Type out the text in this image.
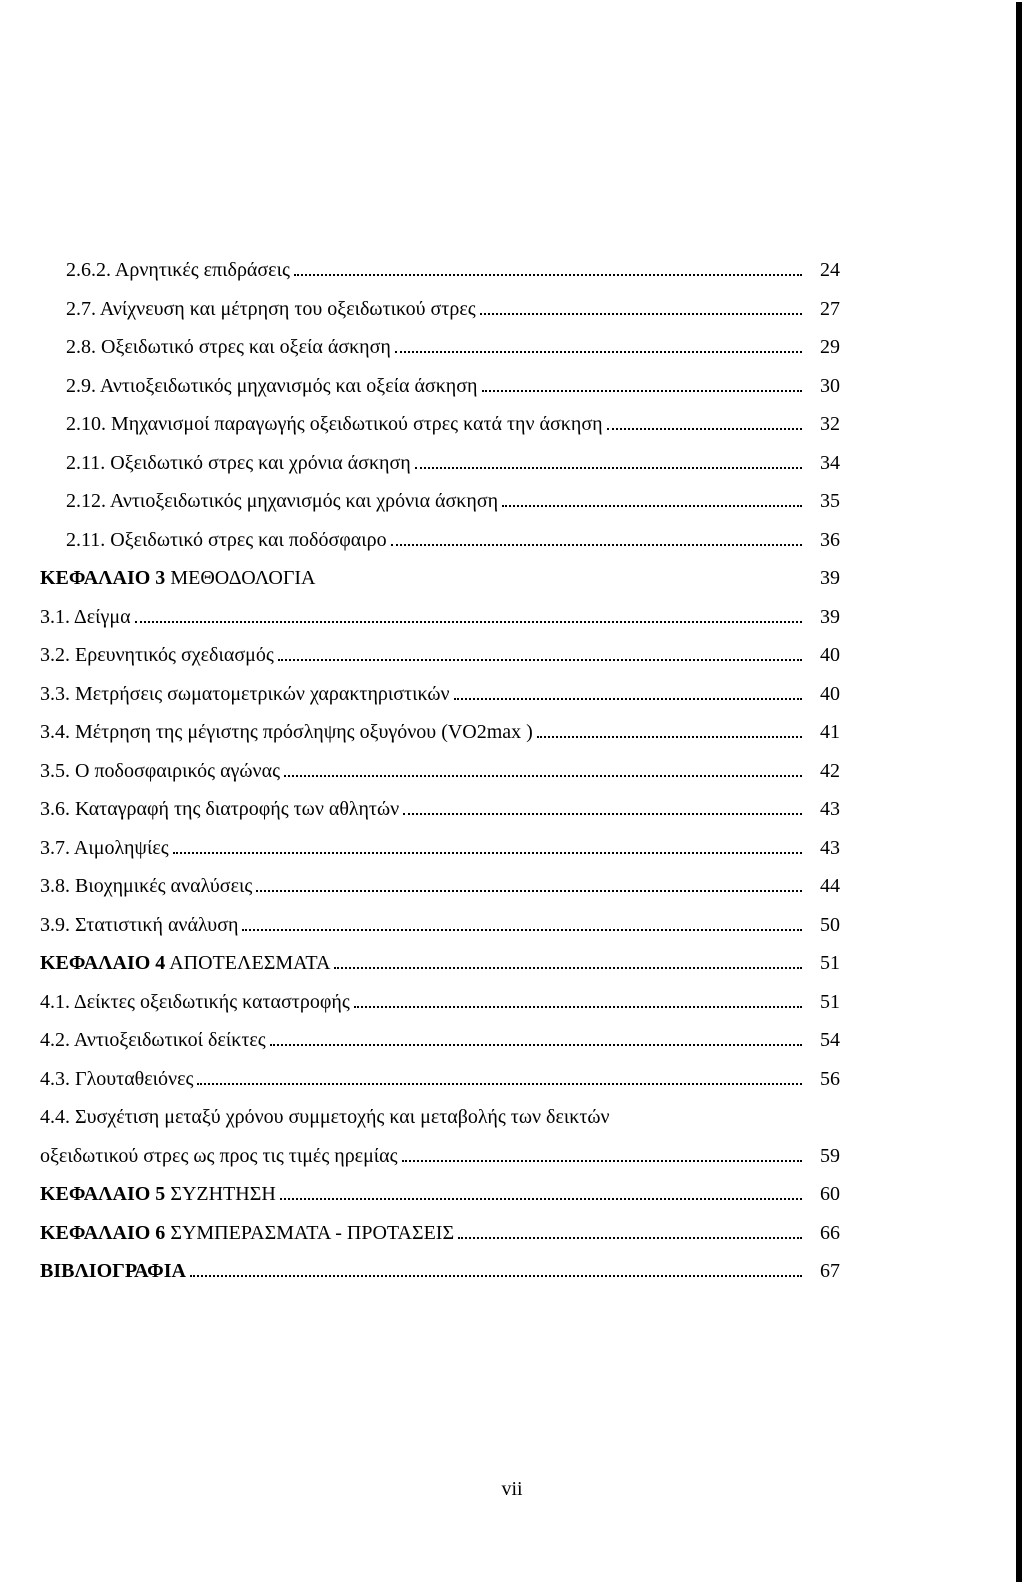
2.6.2. Αρνητικές επιδράσεις	24
2.7. Ανίχνευση και μέτρηση του οξειδωτικού στρες	27
2.8. Οξειδωτικό στρες και οξεία άσκηση	29
2.9. Αντιοξειδωτικός μηχανισμός και οξεία άσκηση	30
2.10. Μηχανισμοί παραγωγής οξειδωτικού στρες κατά την άσκηση	32
2.11. Οξειδωτικό στρες και χρόνια άσκηση	34
2.12. Αντιοξειδωτικός μηχανισμός και χρόνια άσκηση	35
2.11. Οξειδωτικό στρες και ποδόσφαιρο	36
ΚΕΦΑΛΑΙΟ 3 ΜΕΘΟΔΟΛΟΓΙΑ	39
3.1. Δείγμα	39
3.2. Ερευνητικός σχεδιασμός	40
3.3. Μετρήσεις σωματομετρικών χαρακτηριστικών	40
3.4. Μέτρηση της μέγιστης πρόσληψης οξυγόνου (VO2max )	41
3.5. Ο ποδοσφαιρικός αγώνας	42
3.6. Καταγραφή της διατροφής των αθλητών	43
3.7. Αιμοληψίες	43
3.8. Βιοχημικές αναλύσεις	44
3.9. Στατιστική ανάλυση	50
ΚΕΦΑΛΑΙΟ 4 ΑΠΟΤΕΛΕΣΜΑΤΑ	51
4.1. Δείκτες οξειδωτικής καταστροφής	51
4.2. Αντιοξειδωτικοί δείκτες	54
4.3. Γλουταθειόνες	56
4.4. Συσχέτιση μεταξύ χρόνου συμμετοχής και μεταβολής των δεικτών
οξειδωτικού στρες ως προς τις τιμές ηρεμίας	59
ΚΕΦΑΛΑΙΟ 5 ΣΥΖΗΤΗΣΗ	60
ΚΕΦΑΛΑΙΟ 6 ΣΥΜΠΕΡΑΣΜΑΤΑ - ΠΡΟΤΑΣΕΙΣ	66
ΒΙΒΛΙΟΓΡΑΦΙΑ	67
vii
